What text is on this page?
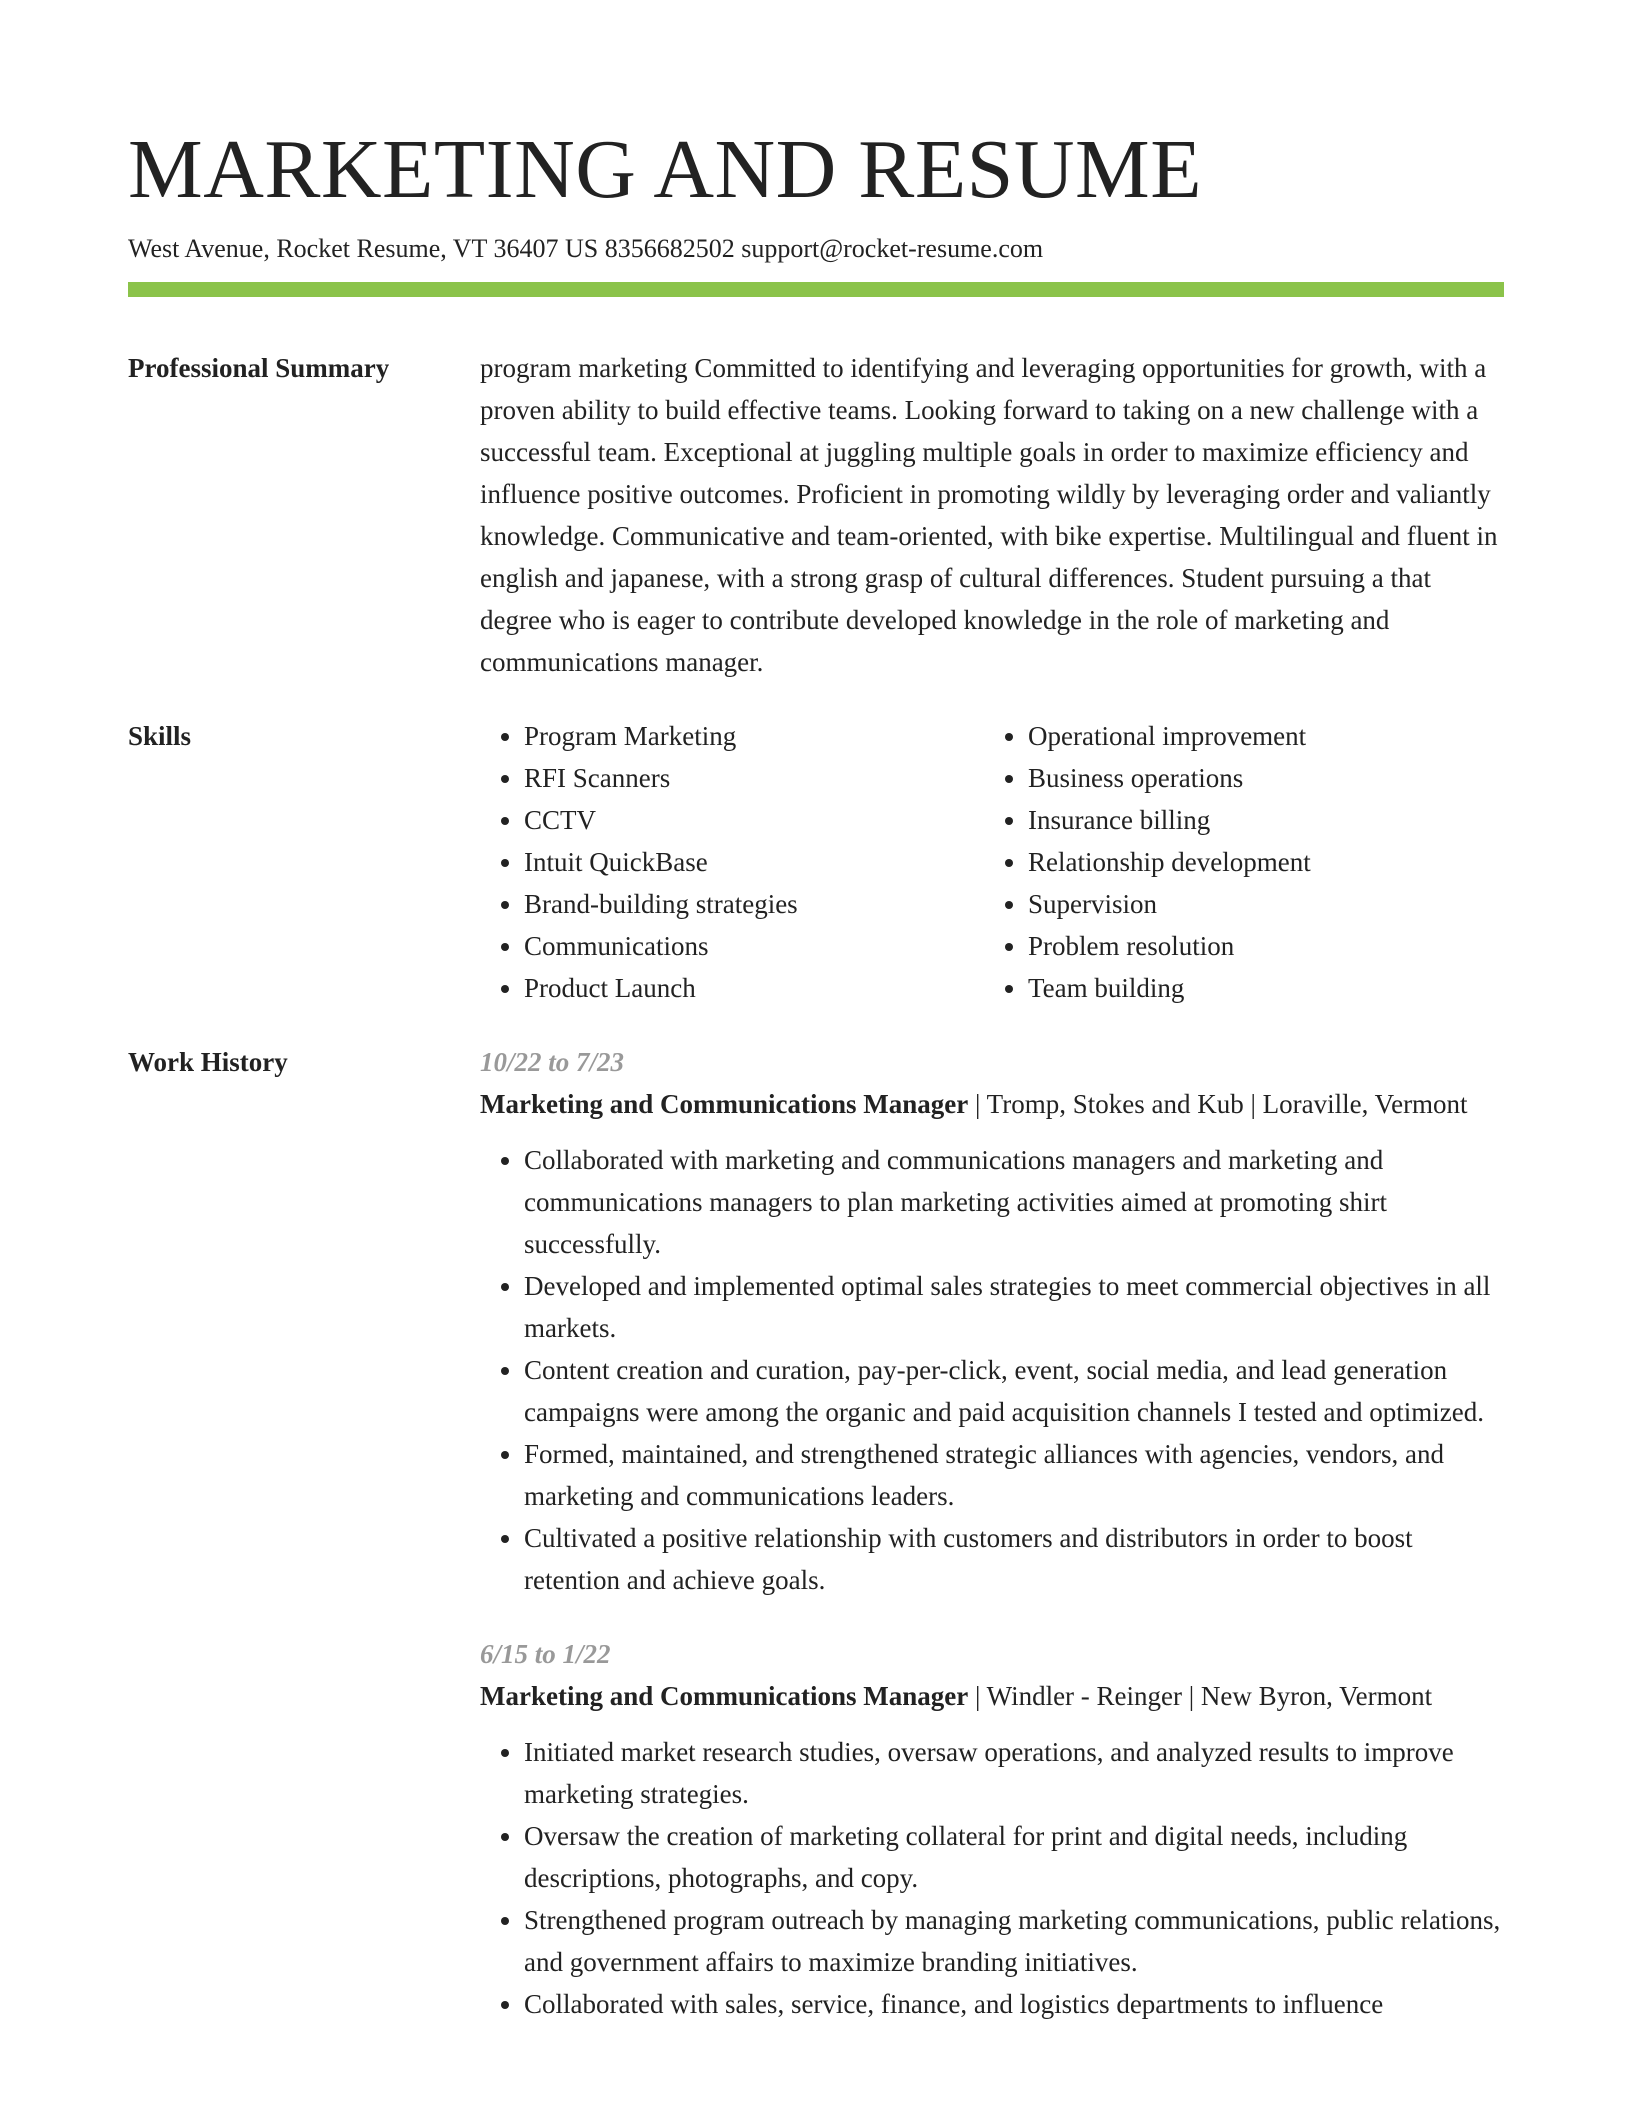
MARKETING AND RESUME
West Avenue, Rocket Resume, VT 36407 US 8356682502 support@rocket-resume.com
Professional Summary	program marketing Committed to identifying and leveraging opportunities for growth, with a proven ability to build effective teams. Looking forward to taking on a new challenge with a successful team. Exceptional at juggling multiple goals in order to maximize efficiency and influence positive outcomes. Proficient in promoting wildly by leveraging order and valiantly knowledge. Communicative and team-oriented, with bike expertise. Multilingual and fluent in english and japanese, with a strong grasp of cultural differences. Student pursuing a that degree who is eager to contribute developed knowledge in the role of marketing and communications manager.

Skills	• Program Marketing
• RFI Scanners
• CCTV
• Intuit QuickBase
• Brand-building strategies
• Communications
• Product Launch
• Operational improvement
• Business operations
• Insurance billing
• Relationship development
• Supervision
• Problem resolution
• Team building
Work History	10/22 to 7/23
Marketing and Communications Manager | Tromp, Stokes and Kub | Loraville, Vermont
• Collaborated with marketing and communications managers and marketing and communications managers to plan marketing activities aimed at promoting shirt successfully.
• Developed and implemented optimal sales strategies to meet commercial objectives in all markets.
• Content creation and curation, pay-per-click, event, social media, and lead generation campaigns were among the organic and paid acquisition channels I tested and optimized.
• Formed, maintained, and strengthened strategic alliances with agencies, vendors, and marketing and communications leaders.
• Cultivated a positive relationship with customers and distributors in order to boost retention and achieve goals.
6/15 to 1/22
Marketing and Communications Manager | Windler - Reinger | New Byron, Vermont
• Initiated market research studies, oversaw operations, and analyzed results to improve marketing strategies.
• Oversaw the creation of marketing collateral for print and digital needs, including descriptions, photographs, and copy.
• Strengthened program outreach by managing marketing communications, public relations, and government affairs to maximize branding initiatives.
• Collaborated with sales, service, finance, and logistics departments to influence
